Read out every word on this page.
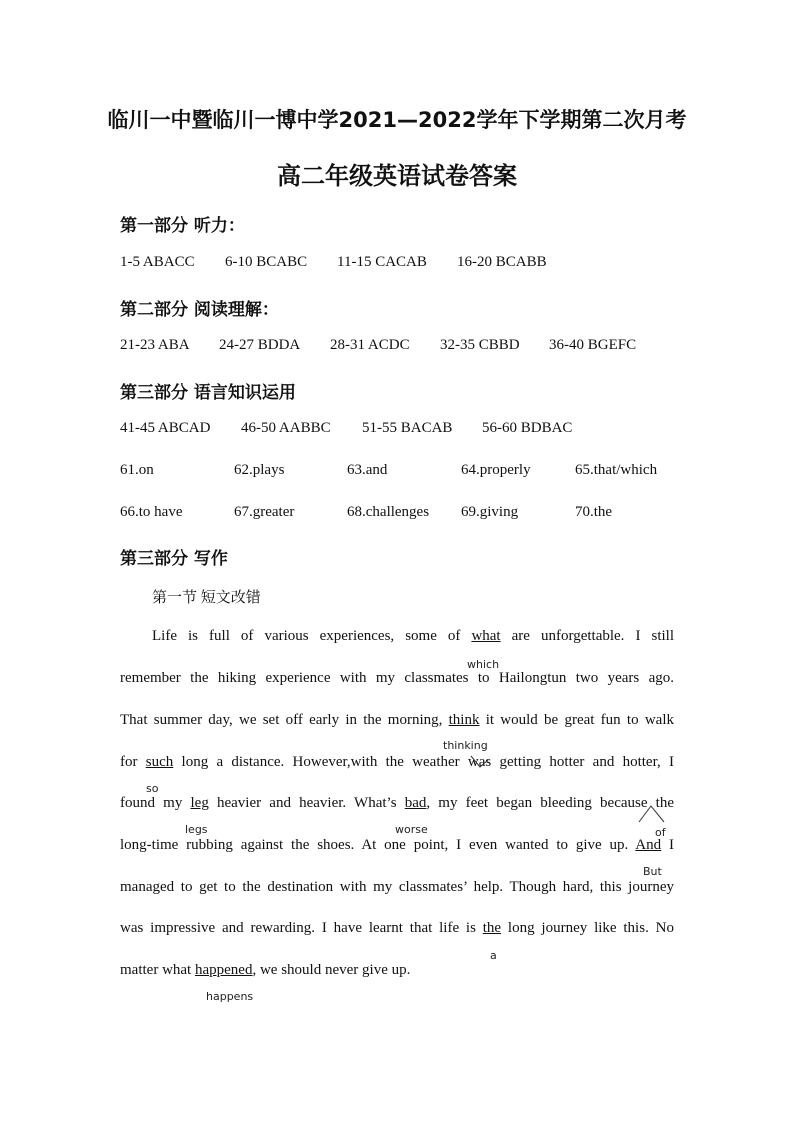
临川一中暨临川一博中学2021—2022学年下学期第二次月考
高二年级英语试卷答案
第一部分 听力：
1-5 ABACC 6-10 BCABC 11-15 CACAB 16-20 BCABB
第二部分 阅读理解：
21-23 ABA 24-27 BDDA 28-31 ACDC 32-35 CBBD 36-40 BGEFC
第三部分 语言知识运用
41-45 ABCAD 46-50 AABBC 51-55 BACAB 56-60 BDBAC
61.on	62.plays	63.and	64.properly	65.that/which
66.to have	67.greater	68.challenges 69.giving	70.the
第三部分 写作
第一节 短文改错
Life is full of various experiences, some of what are unforgettable. I still
remember the hiking experience with my classmates to Hailongtun two years ago.
That summer day, we set off early in the morning, think it would be great fun to walk
for such long a distance. However,with the weather was getting hotter and hotter, I
found my leg heavier and heavier. What’s bad, my feet began bleeding because the
long-time rubbing against the shoes. At one point, I even wanted to give up. And I
managed to get to the destination with my classmates’ help. Though hard, this journey
was impressive and rewarding. I have learnt that life is the long journey like this. No
matter what happened, we should never give up.
which
thinking
so
legs	worse	of
But
a
happens
